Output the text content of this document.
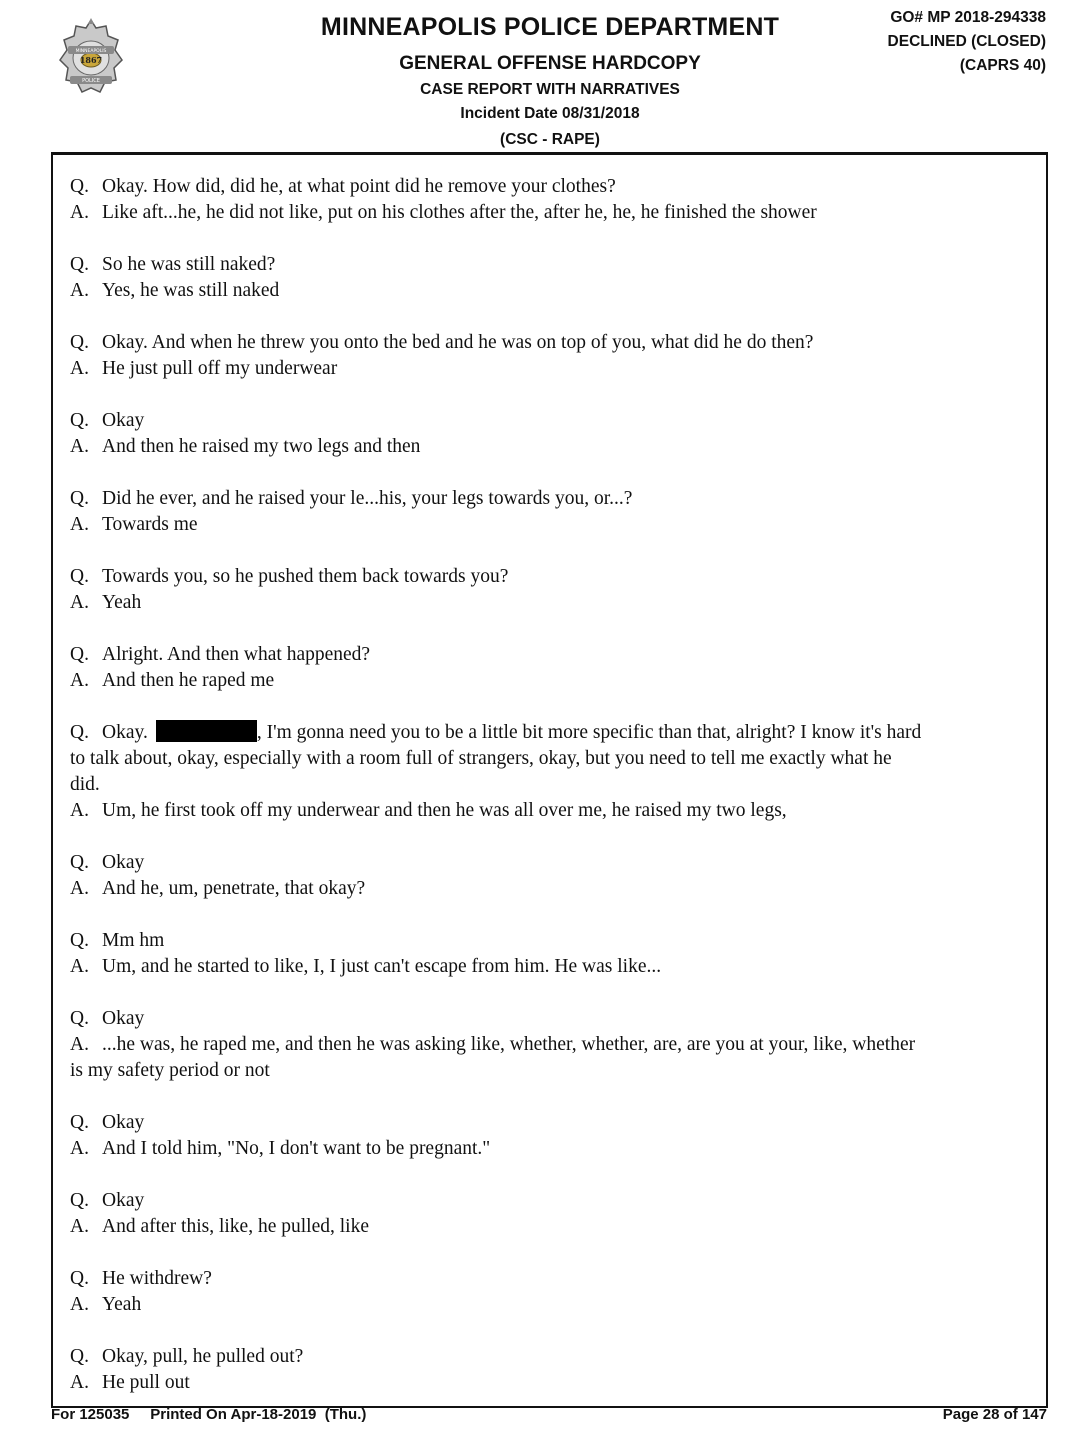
MINNEAPOLIS
1867
POLICE
MINNEAPOLIS POLICE DEPARTMENT
GENERAL OFFENSE HARDCOPY
CASE REPORT WITH NARRATIVES
Incident Date 08/31/2018
(CSC - RAPE)
GO# MP 2018-294338
DECLINED (CLOSED)
(CAPRS 40)
Q. Okay. How did, did he, at what point did he remove your clothes?
A. Like aft...he, he did not like, put on his clothes after the, after he, he, he finished the shower
Q. So he was still naked?
A. Yes, he was still naked
Q. Okay. And when he threw you onto the bed and he was on top of you, what did he do then?
A. He just pull off my underwear
Q. Okay
A. And then he raised my two legs and then
Q. Did he ever, and he raised your le...his, your legs towards you, or...?
A. Towards me
Q. Towards you, so he pushed them back towards you?
A. Yeah
Q. Alright. And then what happened?
A. And then he raped me
Q. Okay.	, I'm gonna need you to be a little bit more specific than that, alright? I know it's hard
to talk about, okay, especially with a room full of strangers, okay, but you need to tell me exactly what he
did.
A. Um, he first took off my underwear and then he was all over me, he raised my two legs,
Q. Okay
A. And he, um, penetrate, that okay?
Q. Mm hm
A. Um, and he started to like, I, I just can't escape from him. He was like...
Q. Okay
A. ...he was, he raped me, and then he was asking like, whether, whether, are, are you at your, like, whether
is my safety period or not
Q. Okay
A. And I told him, "No, I don't want to be pregnant."
Q. Okay
A. And after this, like, he pulled, like
Q. He withdrew?
A. Yeah
Q. Okay, pull, he pulled out?
A. He pull out
For 125035     Printed On Apr-18-2019  (Thu.)	Page 28 of 147
